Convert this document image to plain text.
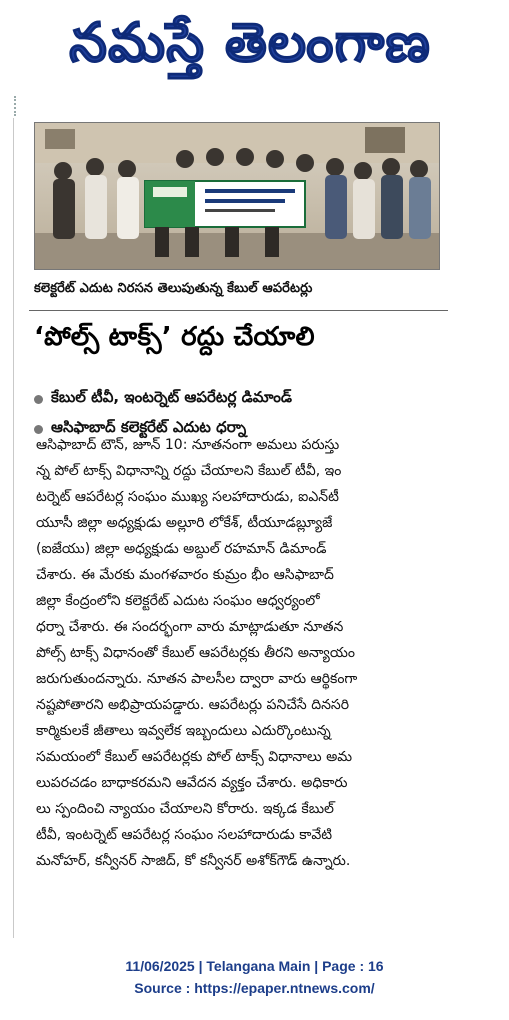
నమస్తే తెలంగాణ
కలెక్టరేట్ ఎదుట నిరసన తెలుపుతున్న కేబుల్ ఆపరేటర్లు
‘పోల్స్ టాక్స్’ రద్దు చేయాలి
కేబుల్ టీవీ, ఇంటర్నెట్ ఆపరేటర్ల డిమాండ్
ఆసిఫాబాద్ కలెక్టరేట్ ఎదుట ధర్నా
ఆసిఫాబాద్ టౌన్, జూన్ 10: నూతనంగా అమలు పరుస్తు
న్న పోల్ టాక్స్ విధానాన్ని రద్దు చేయాలని కేబుల్ టీవీ, ఇం
టర్నెట్ ఆపరేటర్ల సంఘం ముఖ్య సలహాదారుడు, ఐఎన్‌టీ
యూసీ జిల్లా అధ్యక్షుడు అల్లూరి లోకేశ్, టీయూడబ్ల్యూజే
(ఐజేయు) జిల్లా అధ్యక్షుడు అబ్దుల్ రహమాన్ డిమాండ్
చేశారు. ఈ మేరకు మంగళవారం కుమ్రం భీం ఆసిఫాబాద్
జిల్లా కేంద్రంలోని కలెక్టరేట్ ఎదుట సంఘం ఆధ్వర్యంలో
ధర్నా చేశారు. ఈ సందర్భంగా వారు మాట్లాడుతూ నూతన
పోల్స్ టాక్స్ విధానంతో కేబుల్ ఆపరేటర్లకు తీరని అన్యాయం
జరుగుతుందన్నారు. నూతన పాలసీల ద్వారా వారు ఆర్థికంగా
నష్టపోతారని అభిప్రాయపడ్డారు. ఆపరేటర్లు పనిచేసే దినసరి
కార్మికులకే జీతాలు ఇవ్వలేక ఇబ్బందులు ఎదుర్కొంటున్న
సమయంలో కేబుల్ ఆపరేటర్లకు పోల్ టాక్స్ విధానాలు అమ
లుపరచడం బాధాకరమని ఆవేదన వ్యక్తం చేశారు. అధికారు
లు స్పందించి న్యాయం చేయాలని కోరారు. ఇక్కడ కేబుల్
టీవీ, ఇంటర్నెట్ ఆపరేటర్ల సంఘం సలహాదారుడు కావేటి
మనోహర్, కన్వీనర్ సాజిద్, కో కన్వీనర్ అశోక్‌గౌడ్ ఉన్నారు.
11/06/2025 | Telangana Main | Page : 16
Source : https://epaper.ntnews.com/
